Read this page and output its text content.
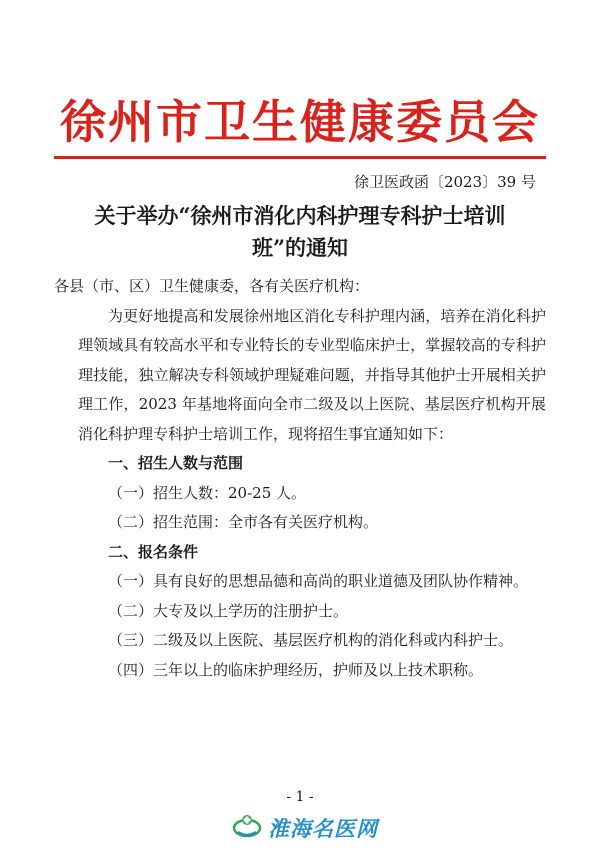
徐州市卫生健康委员会
徐卫医政函〔2023〕39 号
关于举办“徐州市消化内科护理专科护士培训
班”的通知

各县（市、区）卫生健康委，各有关医疗机构：

为更好地提高和发展徐州地区消化专科护理内涵，培养在消化科护理领域具有较高水平和专业特长的专业型临床护士，掌握较高的专科护理技能，独立解决专科领域护理疑难问题，并指导其他护士开展相关护理工作，2023 年基地将面向全市二级及以上医院、基层医疗机构开展消化科护理专科护士培训工作，现将招生事宜通知如下：

一、招生人数与范围

（一）招生人数：20-25 人。

（二）招生范围：全市各有关医疗机构。

二、报名条件

（一）具有良好的思想品德和高尚的职业道德及团队协作精神。

（二）大专及以上学历的注册护士。

（三）二级及以上医院、基层医疗机构的消化科或内科护士。

（四）三年以上的临床护理经历，护师及以上技术职称。

- 1 -
淮海名医网
